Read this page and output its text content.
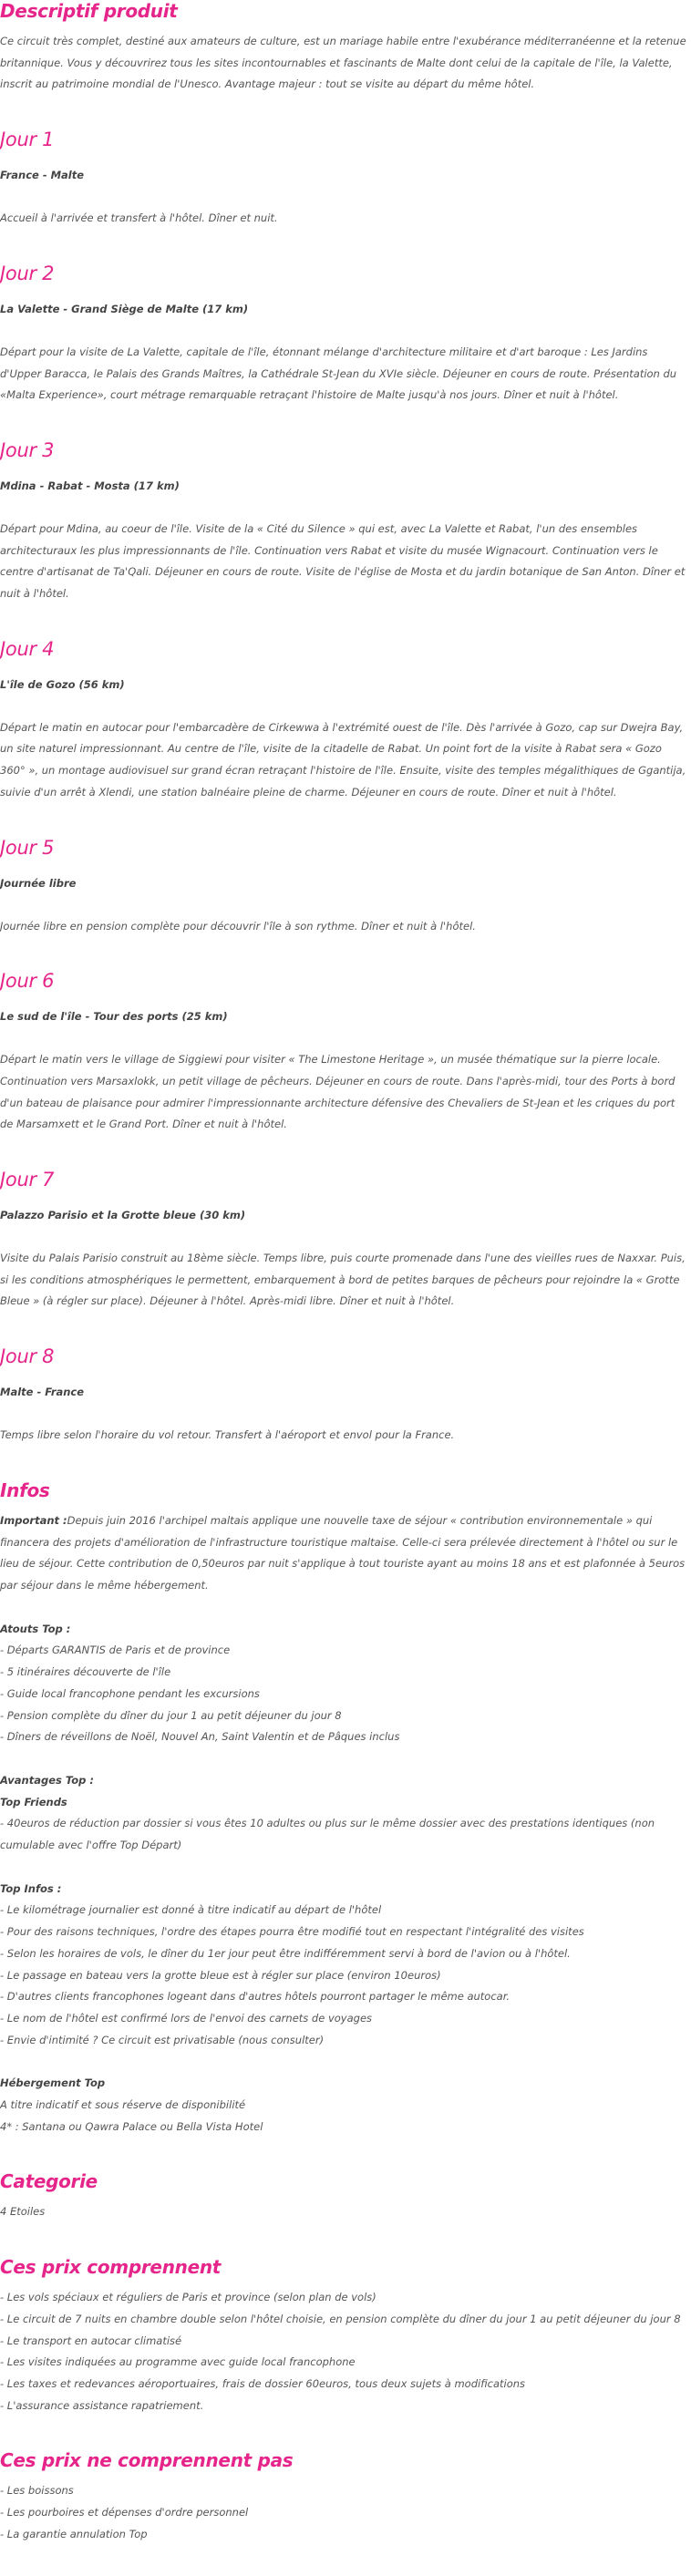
Descriptif produit

Ce circuit très complet, destiné aux amateurs de culture, est un mariage habile entre l'exubérance méditerranéenne et la retenue britannique. Vous y découvrirez tous les sites incontournables et fascinants de Malte dont celui de la capitale de l'île, la Valette, inscrit au patrimoine mondial de l'Unesco. Avantage majeur : tout se visite au départ du même hôtel.

Jour 1

France - Malte

Accueil à l'arrivée et transfert à l'hôtel. Dîner et nuit.

Jour 2

La Valette - Grand Siège de Malte (17 km)

Départ pour la visite de La Valette, capitale de l'île, étonnant mélange d'architecture militaire et d'art baroque : Les Jardins d'Upper Baracca, le Palais des Grands Maîtres, la Cathédrale St-Jean du XVIe siècle. Déjeuner en cours de route. Présentation du «Malta Experience», court métrage remarquable retraçant l'histoire de Malte jusqu'à nos jours. Dîner et nuit à l'hôtel.

Jour 3

Mdina - Rabat - Mosta (17 km)

Départ pour Mdina, au coeur de l'île. Visite de la « Cité du Silence » qui est, avec La Valette et Rabat, l'un des ensembles architecturaux les plus impressionnants de l'île. Continuation vers Rabat et visite du musée Wignacourt. Continuation vers le centre d'artisanat de Ta'Qali. Déjeuner en cours de route. Visite de l'église de Mosta et du jardin botanique de San Anton. Dîner et nuit à l'hôtel.

Jour 4

L'île de Gozo (56 km)

Départ le matin en autocar pour l'embarcadère de Cirkewwa à l'extrémité ouest de l'île. Dès l'arrivée à Gozo, cap sur Dwejra Bay, un site naturel impressionnant. Au centre de l'île, visite de la citadelle de Rabat. Un point fort de la visite à Rabat sera « Gozo 360° », un montage audiovisuel sur grand écran retraçant l'histoire de l'île. Ensuite, visite des temples mégalithiques de Ggantija, suivie d'un arrêt à Xlendi, une station balnéaire pleine de charme. Déjeuner en cours de route. Dîner et nuit à l'hôtel.

Jour 5

Journée libre

Journée libre en pension complète pour découvrir l'île à son rythme. Dîner et nuit à l'hôtel.

Jour 6

Le sud de l'île - Tour des ports (25 km)

Départ le matin vers le village de Siggiewi pour visiter « The Limestone Heritage », un musée thématique sur la pierre locale. Continuation vers Marsaxlokk, un petit village de pêcheurs. Déjeuner en cours de route. Dans l'après-midi, tour des Ports à bord d'un bateau de plaisance pour admirer l'impressionnante architecture défensive des Chevaliers de St-Jean et les criques du port de Marsamxett et le Grand Port. Dîner et nuit à l'hôtel.

Jour 7

Palazzo Parisio et la Grotte bleue (30 km)

Visite du Palais Parisio construit au 18ème siècle. Temps libre, puis courte promenade dans l'une des vieilles rues de Naxxar. Puis, si les conditions atmosphériques le permettent, embarquement à bord de petites barques de pêcheurs pour rejoindre la « Grotte Bleue » (à régler sur place). Déjeuner à l'hôtel. Après-midi libre. Dîner et nuit à l'hôtel.

Jour 8

Malte - France

Temps libre selon l'horaire du vol retour. Transfert à l'aéroport et envol pour la France.

Infos

Important :Depuis juin 2016 l'archipel maltais applique une nouvelle taxe de séjour « contribution environnementale » qui financera des projets d'amélioration de l'infrastructure touristique maltaise. Celle-ci sera prélevée directement à l'hôtel ou sur le lieu de séjour. Cette contribution de 0,50euros par nuit s'applique à tout touriste ayant au moins 18 ans et est plafonnée à 5euros par séjour dans le même hébergement.

Atouts Top :

- Départs GARANTIS de Paris et de province

- 5 itinéraires découverte de l'île

- Guide local francophone pendant les excursions

- Pension complète du dîner du jour 1 au petit déjeuner du jour 8

- Dîners de réveillons de Noël, Nouvel An, Saint Valentin et de Pâques inclus

Avantages Top :

Top Friends

- 40euros de réduction par dossier si vous êtes 10 adultes ou plus sur le même dossier avec des prestations identiques (non cumulable avec l'offre Top Départ)

Top Infos :

- Le kilométrage journalier est donné à titre indicatif au départ de l'hôtel

- Pour des raisons techniques, l'ordre des étapes pourra être modifié tout en respectant l'intégralité des visites

- Selon les horaires de vols, le dîner du 1er jour peut être indifféremment servi à bord de l'avion ou à l'hôtel.

- Le passage en bateau vers la grotte bleue est à régler sur place (environ 10euros)

- D'autres clients francophones logeant dans d'autres hôtels pourront partager le même autocar.

- Le nom de l'hôtel est confirmé lors de l'envoi des carnets de voyages

- Envie d'intimité ? Ce circuit est privatisable (nous consulter)

Hébergement Top

A titre indicatif et sous réserve de disponibilité

4* : Santana ou Qawra Palace ou Bella Vista Hotel

Categorie

4 Etoiles

Ces prix comprennent

- Les vols spéciaux et réguliers de Paris et province (selon plan de vols)

- Le circuit de 7 nuits en chambre double selon l'hôtel choisie, en pension complète du dîner du jour 1 au petit déjeuner du jour 8

- Le transport en autocar climatisé

- Les visites indiquées au programme avec guide local francophone

- Les taxes et redevances aéroportuaires, frais de dossier 60euros, tous deux sujets à modifications

- L'assurance assistance rapatriement.

Ces prix ne comprennent pas

- Les boissons

- Les pourboires et dépenses d'ordre personnel

- La garantie annulation Top
